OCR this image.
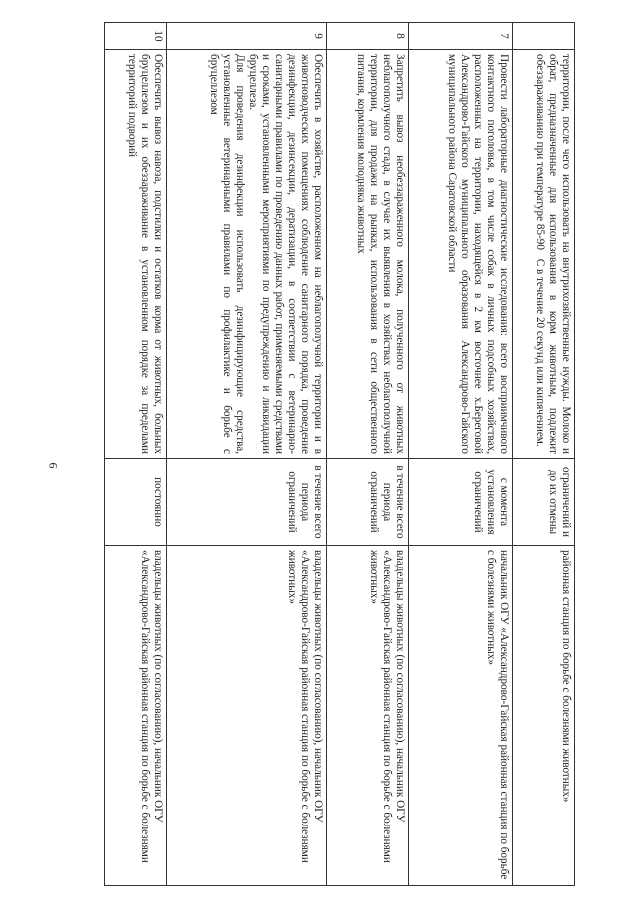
6
	территории, после чего использовать на внутрихозяйственные нужды. Молоко и обрат, предназначенные для использования в корм животным, подлежит обеззараживанию при температуре 85-90⃞С в течение 20 секунд или кипячением.	ограничений и до их отмены	районная станция по борьбе с болезнями животных»
7	Провести лабораторные диагностические исследования: всего восприимчивого контактного поголовья, в том числе собак в личных подсобных хозяйствах, расположенных на территории, находящейся в 2 км восточнее х.Береговой Александрово-Гайского муниципального образования Александрово-Гайского муниципального района Саратовской области	с момента установления ограничений	начальник ОГУ «Александрово-Гайская районная станция по борьбе с болезнями животных»
8	Запретить вывоз необеззараженного молока, полученного от животных неблагополучного стада, в случае их выявления в хозяйствах неблагополучной территории, для продажи на рынках, использования в сети общественного питания, кормления молодняка животных	в течение всего периода ограничений	владельцы животных (по согласованию), начальник ОГУ «Александрово-Гайская районная станция по борьбе с болезнями животных»
9	Обеспечить в хозяйстве, расположенном на неблагополучной территории и в животноводческих помещениях соблюдение санитарного порядка, проведение дезинфекции, дезинсекции, дератизации, в соответствии с ветеринарно-санитарными правилами по проведению данных работ, применяемыми средствами и сроками, установленными мероприятиями по предупреждению и ликвидации бруцеллеза.
Для проведения дезинфекции использовать дезинфицирующие средства, установленные ветеринарными правилами по профилактике и борьбе с бруцеллезом	в течение всего периода ограничений	владельцы животных (по согласованию), начальник ОГУ «Александрово-Гайская районная станция по борьбе с болезнями животных»
10	Обеспечить вывоз навоза, подстилки и остатков корма от животных, больных бруцеллезом и их обеззараживание в установленном порядке за пределами территорий подворий	постоянно	владельцы животных (по согласованию), начальник ОГУ «Александрово-Гайская районная станция по борьбе с болезнями
